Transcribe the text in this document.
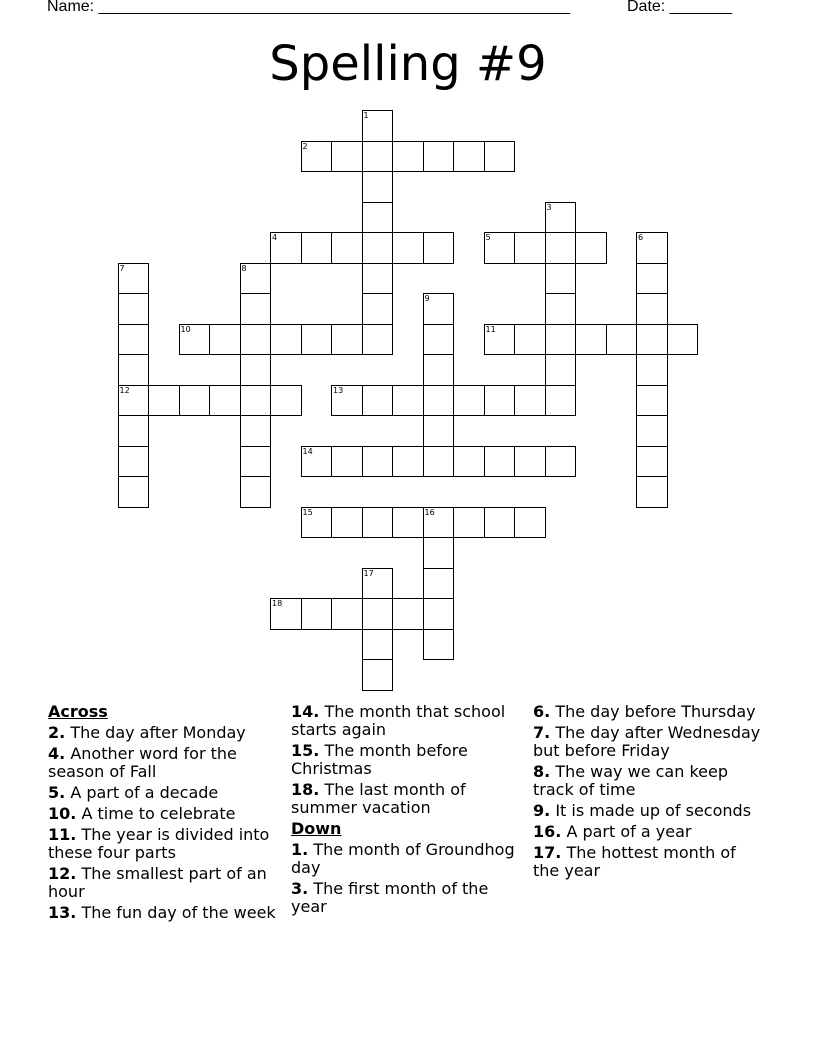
Name: _____________________________________________________	Date: _______
Spelling #9
1
2
3
4	5	6
7
12
8
9
10	11
13
14
15	16
17
18
Across
2. The day after Monday
4. Another word for the season of Fall
5. A part of a decade
10. A time to celebrate
11. The year is divided into these four parts
12. The smallest part of an hour
13. The fun day of the week
14. The month that school starts again
15. The month before Christmas
18. The last month of summer vacation
Down
1. The month of Groundhog day
3. The first month of the year
6. The day before Thursday
7. The day after Wednesday but before Friday
8. The way we can keep track of time
9. It is made up of seconds
16. A part of a year
17. The hottest month of the year
